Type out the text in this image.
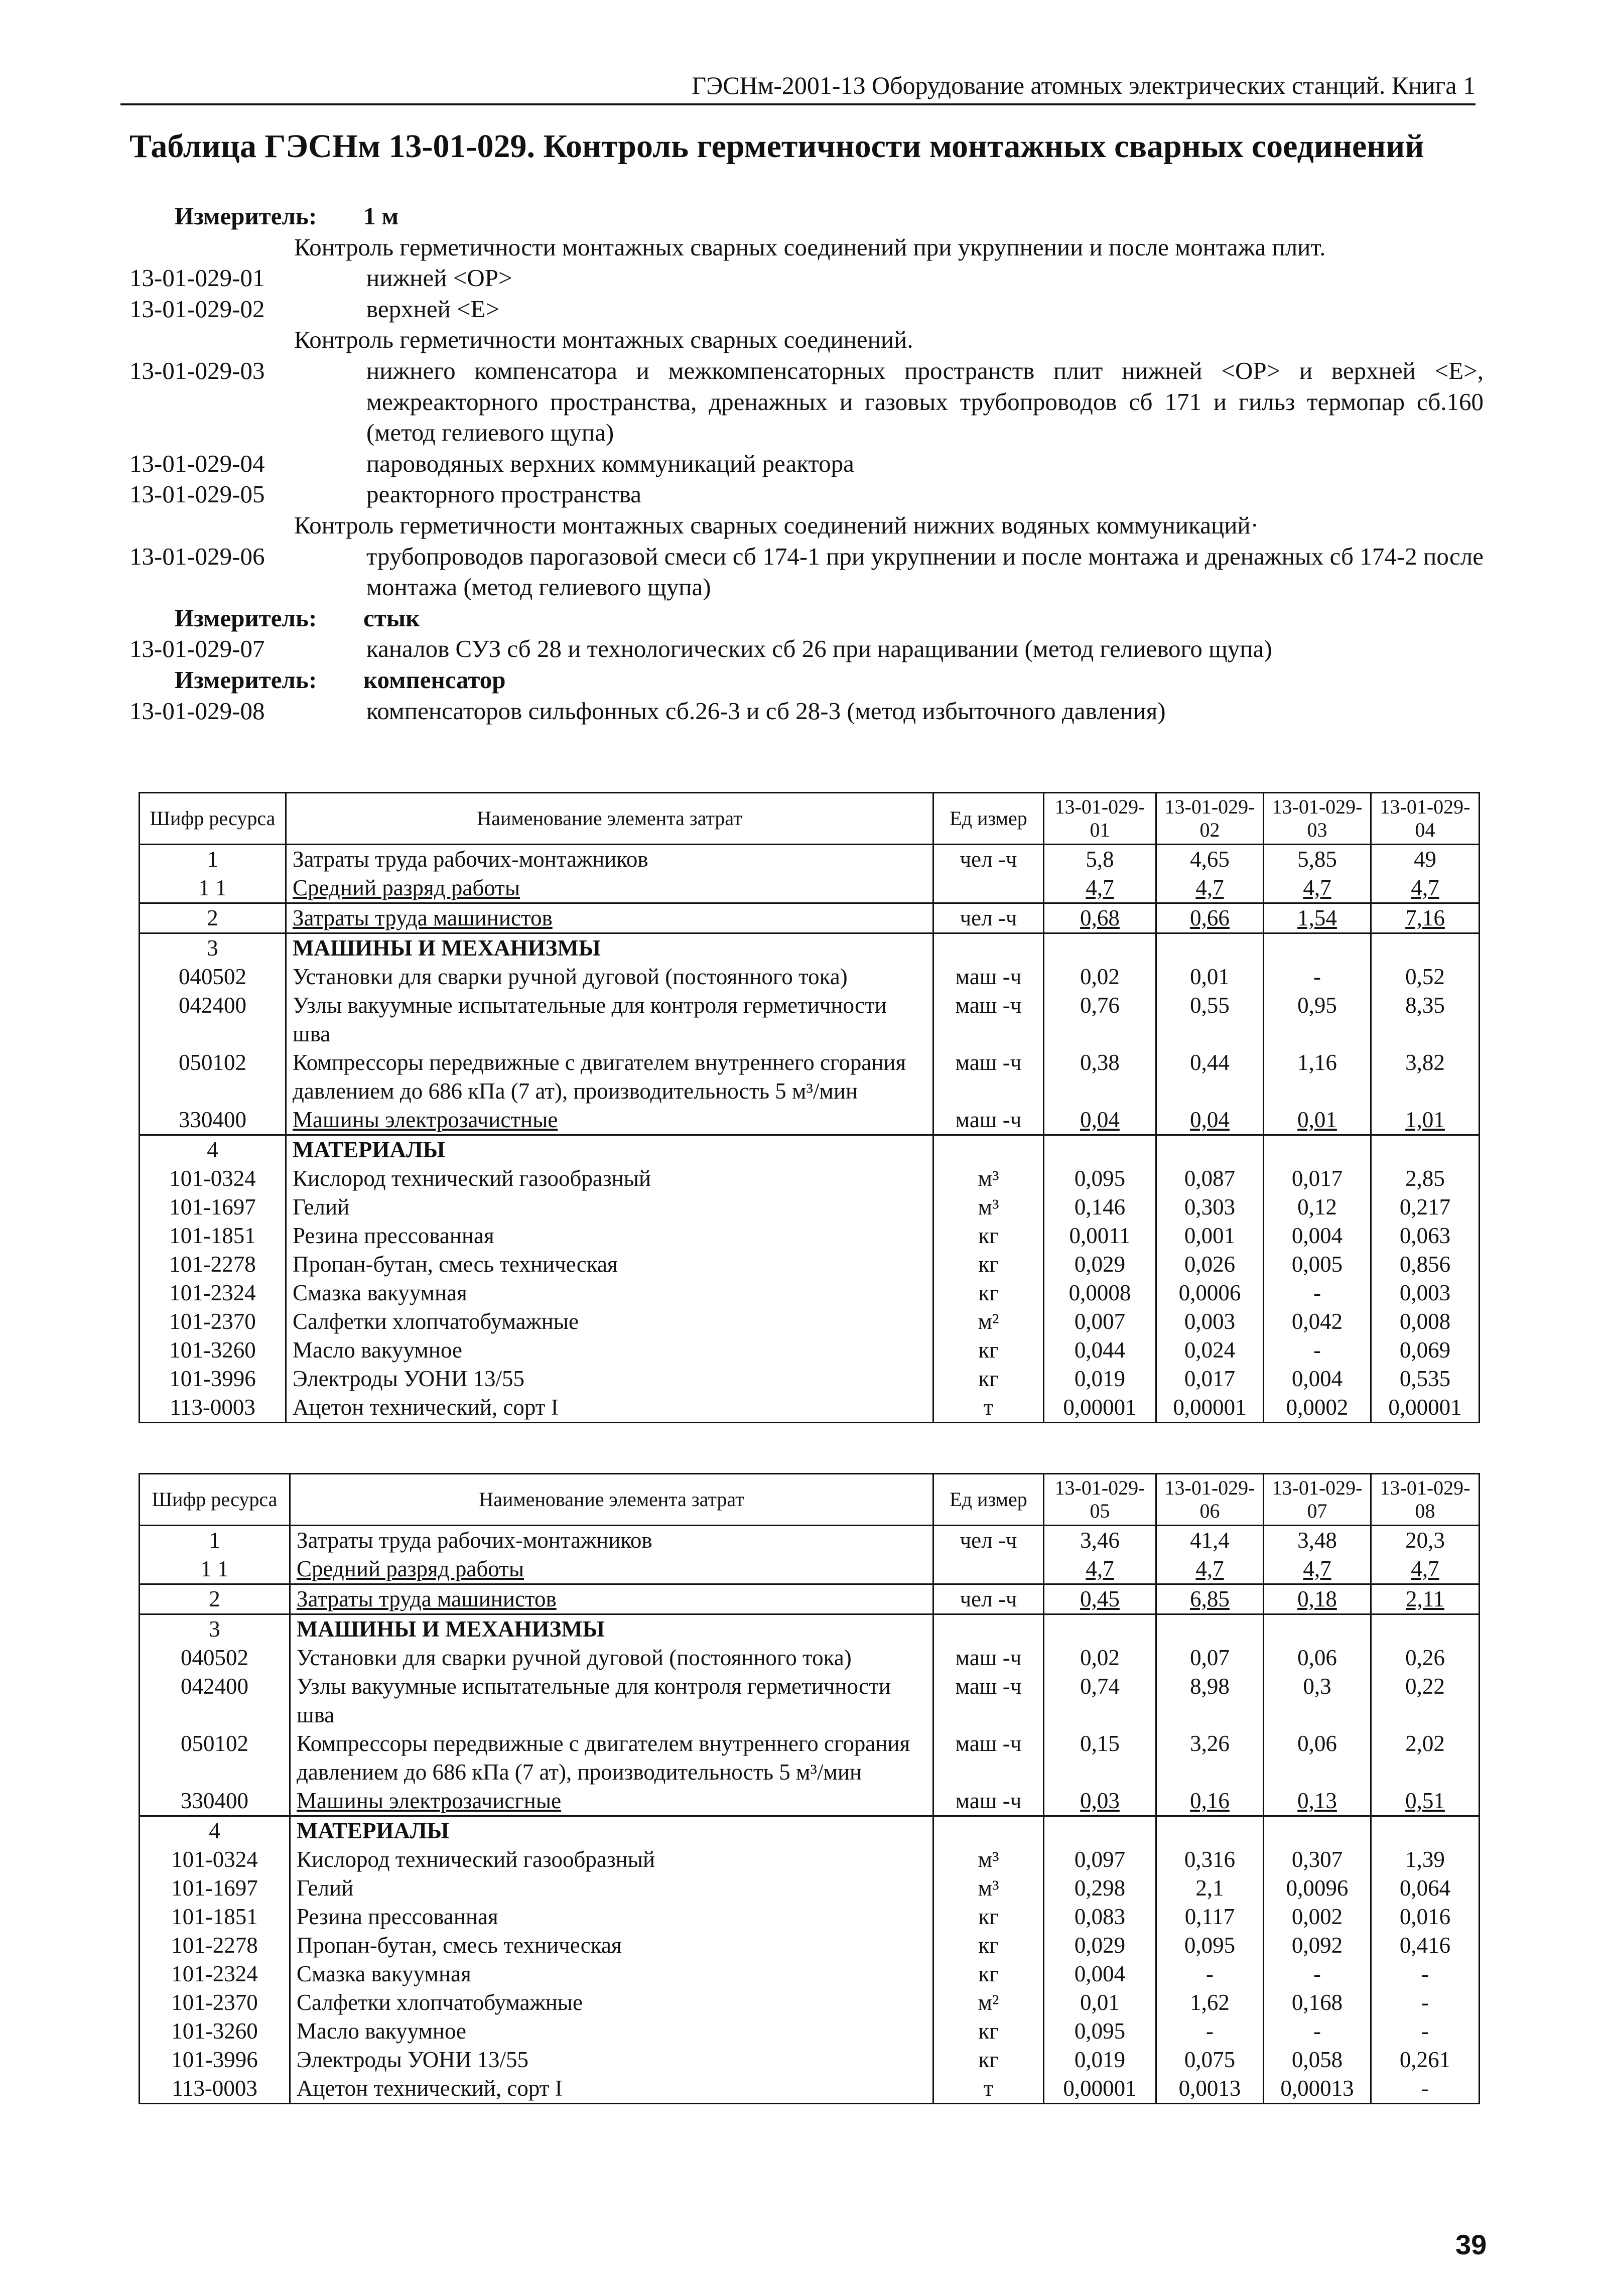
ГЭСНм-2001-13 Оборудование атомных электрических станций. Книга 1
Таблица ГЭСНм 13-01-029. Контроль герметичности монтажных сварных соединений
Измеритель:	1 м
Контроль герметичности монтажных сварных соединений при укрупнении и после монтажа плит.
13-01-029-01	нижней <ОР>
13-01-029-02	верхней <Е>
Контроль герметичности монтажных сварных соединений.
13-01-029-03	нижнего компенсатора и межкомпенсаторных пространств плит нижней <ОР> и верхней <Е>, межреакторного пространства, дренажных и газовых трубопроводов сб 171 и гильз термопар сб.160 (метод гелиевого щупа)
13-01-029-04	пароводяных верхних коммуникаций реактора
13-01-029-05	реакторного пространства
Контроль герметичности монтажных сварных соединений нижних водяных коммуникаций·
13-01-029-06	трубопроводов парогазовой смеси сб 174-1 при укрупнении и после монтажа и дренажных сб 174-2 после монтажа (метод гелиевого щупа)
Измеритель:	стык
13-01-029-07	каналов СУЗ сб 28 и технологических сб 26 при наращивании (метод гелиевого щупа)
Измеритель:	компенсатор
13-01-029-08	компенсаторов сильфонных сб.26-3 и сб 28-3 (метод избыточного давления)
Шифр ресурса	Наименование элемента затрат	Ед измер	13-01-029-01	13-01-029-02	13-01-029-03	13-01-029-04
1	Затраты труда рабочих-монтажников	чел -ч	5,8	4,65	5,85	49
1 1	Средний разряд работы		4,7	4,7	4,7	4,7
2	Затраты труда машинистов	чел -ч	0,68	0,66	1,54	7,16
3	МАШИНЫ И МЕХАНИЗМЫ					
040502	Установки для сварки ручной дуговой (постоянного тока)	маш -ч	0,02	0,01	-	0,52
042400	Узлы вакуумные испытательные для контроля герметичности шва	маш -ч	0,76	0,55	0,95	8,35
050102	Компрессоры передвижные с двигателем внутреннего сгорания давлением до 686 кПа (7 ат), производительность 5 м³/мин	маш -ч	0,38	0,44	1,16	3,82
330400	Машины электрозачистные	маш -ч	0,04	0,04	0,01	1,01
4	МАТЕРИАЛЫ					
101-0324	Кислород технический газообразный	м³	0,095	0,087	0,017	2,85
101-1697	Гелий	м³	0,146	0,303	0,12	0,217
101-1851	Резина прессованная	кг	0,0011	0,001	0,004	0,063
101-2278	Пропан-бутан, смесь техническая	кг	0,029	0,026	0,005	0,856
101-2324	Смазка вакуумная	кг	0,0008	0,0006	-	0,003
101-2370	Салфетки хлопчатобумажные	м²	0,007	0,003	0,042	0,008
101-3260	Масло вакуумное	кг	0,044	0,024	-	0,069
101-3996	Электроды УОНИ 13/55	кг	0,019	0,017	0,004	0,535
113-0003	Ацетон технический, сорт I	т	0,00001	0,00001	0,0002	0,00001
Шифр ресурса	Наименование элемента затрат	Ед измер	13-01-029-05	13-01-029-06	13-01-029-07	13-01-029-08
1	Затраты труда рабочих-монтажников	чел -ч	3,46	41,4	3,48	20,3
1 1	Средний разряд работы		4,7	4,7	4,7	4,7
2	Затраты труда машинистов	чел -ч	0,45	6,85	0,18	2,11
3	МАШИНЫ И МЕХАНИЗМЫ					
040502	Установки для сварки ручной дуговой (постоянного тока)	маш -ч	0,02	0,07	0,06	0,26
042400	Узлы вакуумные испытательные для контроля герметичности шва	маш -ч	0,74	8,98	0,3	0,22
050102	Компрессоры передвижные с двигателем внутреннего сгорания давлением до 686 кПа (7 ат), производительность 5 м³/мин	маш -ч	0,15	3,26	0,06	2,02
330400	Машины электрозачисгные	маш -ч	0,03	0,16	0,13	0,51
4	МАТЕРИАЛЫ					
101-0324	Кислород технический газообразный	м³	0,097	0,316	0,307	1,39
101-1697	Гелий	м³	0,298	2,1	0,0096	0,064
101-1851	Резина прессованная	кг	0,083	0,117	0,002	0,016
101-2278	Пропан-бутан, смесь техническая	кг	0,029	0,095	0,092	0,416
101-2324	Смазка вакуумная	кг	0,004	-	-	-
101-2370	Салфетки хлопчатобумажные	м²	0,01	1,62	0,168	-
101-3260	Масло вакуумное	кг	0,095	-	-	-
101-3996	Электроды УОНИ 13/55	кг	0,019	0,075	0,058	0,261
113-0003	Ацетон технический, сорт I	т	0,00001	0,0013	0,00013	-
39
